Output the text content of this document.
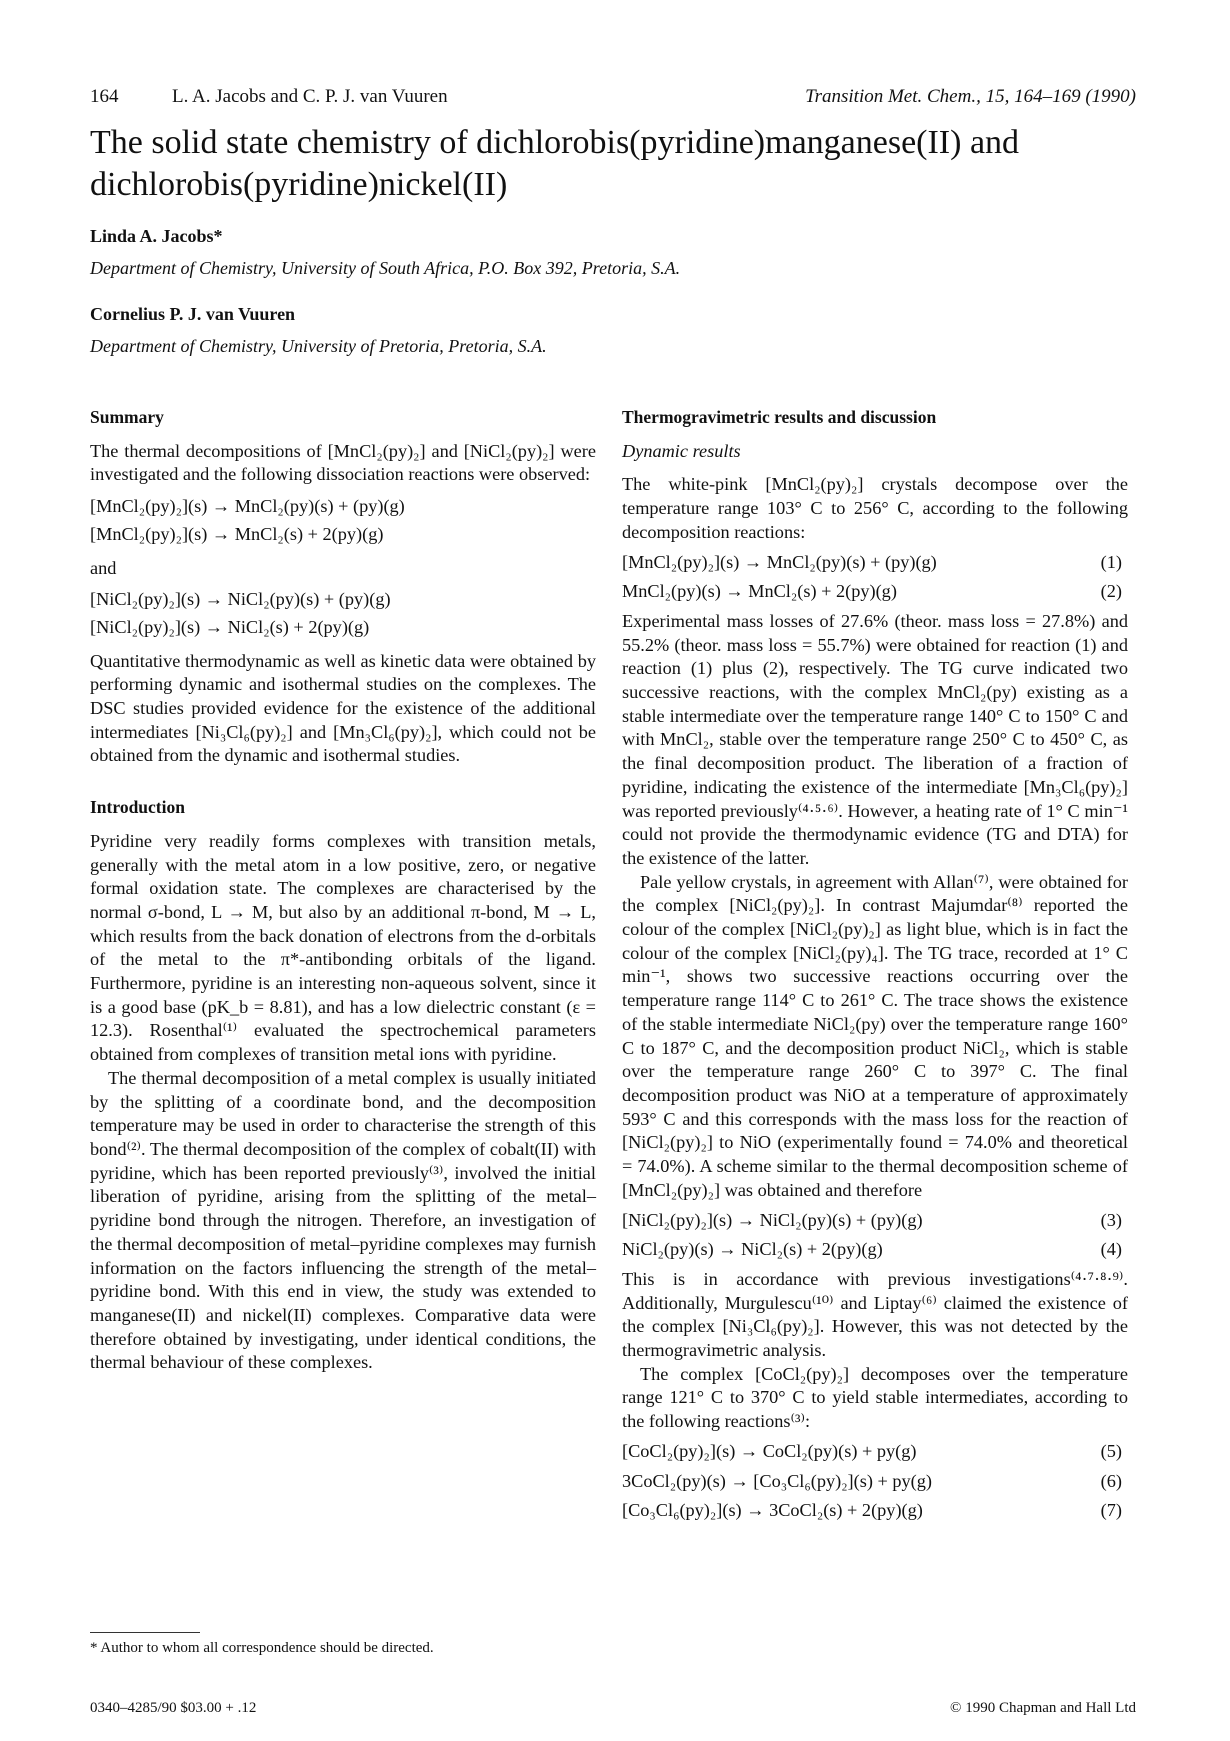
164	L. A. Jacobs and C. P. J. van Vuuren	Transition Met. Chem., 15, 164–169 (1990)
The solid state chemistry of dichlorobis(pyridine)manganese(II) and dichlorobis(pyridine)nickel(II)
Linda A. Jacobs*
Department of Chemistry, University of South Africa, P.O. Box 392, Pretoria, S.A.
Cornelius P. J. van Vuuren
Department of Chemistry, University of Pretoria, Pretoria, S.A.
Summary

The thermal decompositions of [MnCl₂(py)₂] and [NiCl₂(py)₂] were investigated and the following dissociation reactions were observed:

[MnCl₂(py)₂](s) → MnCl₂(py)(s) + (py)(g)
[MnCl₂(py)₂](s) → MnCl₂(s) + 2(py)(g)
and
[NiCl₂(py)₂](s) → NiCl₂(py)(s) + (py)(g)
[NiCl₂(py)₂](s) → NiCl₂(s) + 2(py)(g)

Quantitative thermodynamic as well as kinetic data were obtained by performing dynamic and isothermal studies on the complexes. The DSC studies provided evidence for the existence of the additional intermediates [Ni₃Cl₆(py)₂] and [Mn₃Cl₆(py)₂], which could not be obtained from the dynamic and isothermal studies.

Introduction

Pyridine very readily forms complexes with transition metals, generally with the metal atom in a low positive, zero, or negative formal oxidation state. The complexes are characterised by the normal σ-bond, L → M, but also by an additional π-bond, M → L, which results from the back donation of electrons from the d-orbitals of the metal to the π*-antibonding orbitals of the ligand. Furthermore, pyridine is an interesting non-aqueous solvent, since it is a good base (pK_b = 8.81), and has a low dielectric constant (ε = 12.3). Rosenthal⁽¹⁾ evaluated the spectrochemical parameters obtained from complexes of transition metal ions with pyridine.

The thermal decomposition of a metal complex is usually initiated by the splitting of a coordinate bond, and the decomposition temperature may be used in order to characterise the strength of this bond⁽²⁾. The thermal decomposition of the complex of cobalt(II) with pyridine, which has been reported previously⁽³⁾, involved the initial liberation of pyridine, arising from the splitting of the metal–pyridine bond through the nitrogen. Therefore, an investigation of the thermal decomposition of metal–pyridine complexes may furnish information on the factors influencing the strength of the metal–pyridine bond. With this end in view, the study was extended to manganese(II) and nickel(II) complexes. Comparative data were therefore obtained by investigating, under identical conditions, the thermal behaviour of these complexes.

Thermogravimetric results and discussion
Dynamic results

The white-pink [MnCl₂(py)₂] crystals decompose over the temperature range 103° C to 256° C, according to the following decomposition reactions:

[MnCl₂(py)₂](s) → MnCl₂(py)(s) + (py)(g)	(1)
MnCl₂(py)(s) → MnCl₂(s) + 2(py)(g)	(2)

Experimental mass losses of 27.6% (theor. mass loss = 27.8%) and 55.2% (theor. mass loss = 55.7%) were obtained for reaction (1) and reaction (1) plus (2), respectively. The TG curve indicated two successive reactions, with the complex MnCl₂(py) existing as a stable intermediate over the temperature range 140° C to 150° C and with MnCl₂, stable over the temperature range 250° C to 450° C, as the final decomposition product. The liberation of a fraction of pyridine, indicating the existence of the intermediate [Mn₃Cl₆(py)₂] was reported previously⁽⁴·⁵·⁶⁾. However, a heating rate of 1° C min⁻¹ could not provide the thermodynamic evidence (TG and DTA) for the existence of the latter.

Pale yellow crystals, in agreement with Allan⁽⁷⁾, were obtained for the complex [NiCl₂(py)₂]. In contrast Majumdar⁽⁸⁾ reported the colour of the complex [NiCl₂(py)₂] as light blue, which is in fact the colour of the complex [NiCl₂(py)₄]. The TG trace, recorded at 1° C min⁻¹, shows two successive reactions occurring over the temperature range 114° C to 261° C. The trace shows the existence of the stable intermediate NiCl₂(py) over the temperature range 160° C to 187° C, and the decomposition product NiCl₂, which is stable over the temperature range 260° C to 397° C. The final decomposition product was NiO at a temperature of approximately 593° C and this corresponds with the mass loss for the reaction of [NiCl₂(py)₂] to NiO (experimentally found = 74.0% and theoretical = 74.0%). A scheme similar to the thermal decomposition scheme of [MnCl₂(py)₂] was obtained and therefore

[NiCl₂(py)₂](s) → NiCl₂(py)(s) + (py)(g)	(3)
NiCl₂(py)(s) → NiCl₂(s) + 2(py)(g)	(4)

This is in accordance with previous investigations⁽⁴·⁷·⁸·⁹⁾. Additionally, Murgulescu⁽¹⁰⁾ and Liptay⁽⁶⁾ claimed the existence of the complex [Ni₃Cl₆(py)₂]. However, this was not detected by the thermogravimetric analysis.

The complex [CoCl₂(py)₂] decomposes over the temperature range 121° C to 370° C to yield stable intermediates, according to the following reactions⁽³⁾:

[CoCl₂(py)₂](s) → CoCl₂(py)(s) + py(g)	(5)
3CoCl₂(py)(s) → [Co₃Cl₆(py)₂](s) + py(g)	(6)
[Co₃Cl₆(py)₂](s) → 3CoCl₂(s) + 2(py)(g)	(7)
* Author to whom all correspondence should be directed.
0340–4285/90 $03.00 + .12	© 1990 Chapman and Hall Ltd
